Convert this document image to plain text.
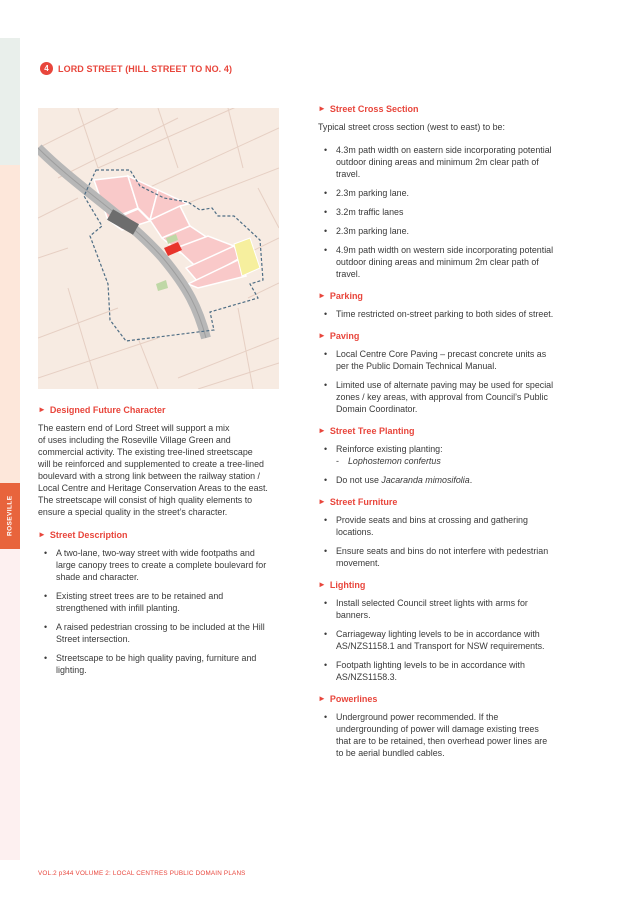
ROSEVILLE
4	LORD STREET (HILL STREET TO NO. 4)
► Designed Future Character
The eastern end of Lord Street will support a mix
of uses including the Roseville Village Green and
commercial activity. The existing tree-lined streetscape
will be reinforced and supplemented to create a tree-lined
boulevard with a strong link between the railway station /
Local Centre and Heritage Conservation Areas to the east.
The streetscape will consist of high quality elements to
ensure a special quality in the street’s character.
► Street Description
• A two-lane, two-way street with wide footpaths and
large canopy trees to create a complete boulevard for
shade and character.
• Existing street trees are to be retained and
strengthened with infill planting.
• A raised pedestrian crossing to be included at the Hill
Street intersection.
• Streetscape to be high quality paving, furniture and
lighting.
► Street Cross Section
Typical street cross section (west to east) to be:
• 4.3m path width on eastern side incorporating potential
outdoor dining areas and minimum 2m clear path of
travel.
• 2.3m parking lane.
• 3.2m traffic lanes
• 2.3m parking lane.
• 4.9m path width on western side incorporating potential
outdoor dining areas and minimum 2m clear path of
travel.
► Parking
• Time restricted on-street parking to both sides of street.
► Paving
• Local Centre Core Paving – precast concrete units as
per the Public Domain Technical Manual.
• Limited use of alternate paving may be used for special
zones / key areas, with approval from Council’s Public
Domain Coordinator.
► Street Tree Planting
• Reinforce existing planting:
- Lophostemon confertus
• Do not use Jacaranda mimosifolia.
► Street Furniture
• Provide seats and bins at crossing and gathering
locations.
• Ensure seats and bins do not interfere with pedestrian
movement.
► Lighting
• Install selected Council street lights with arms for
banners.
• Carriageway lighting levels to be in accordance with
AS/NZS1158.1 and Transport for NSW requirements.
• Footpath lighting levels to be in accordance with
AS/NZS1158.3.
► Powerlines
• Underground power recommended. If the
undergrounding of power will damage existing trees
that are to be retained, then overhead power lines are
to be aerial bundled cables.
VOL.2 p344 VOLUME 2: LOCAL CENTRES PUBLIC DOMAIN PLANS
